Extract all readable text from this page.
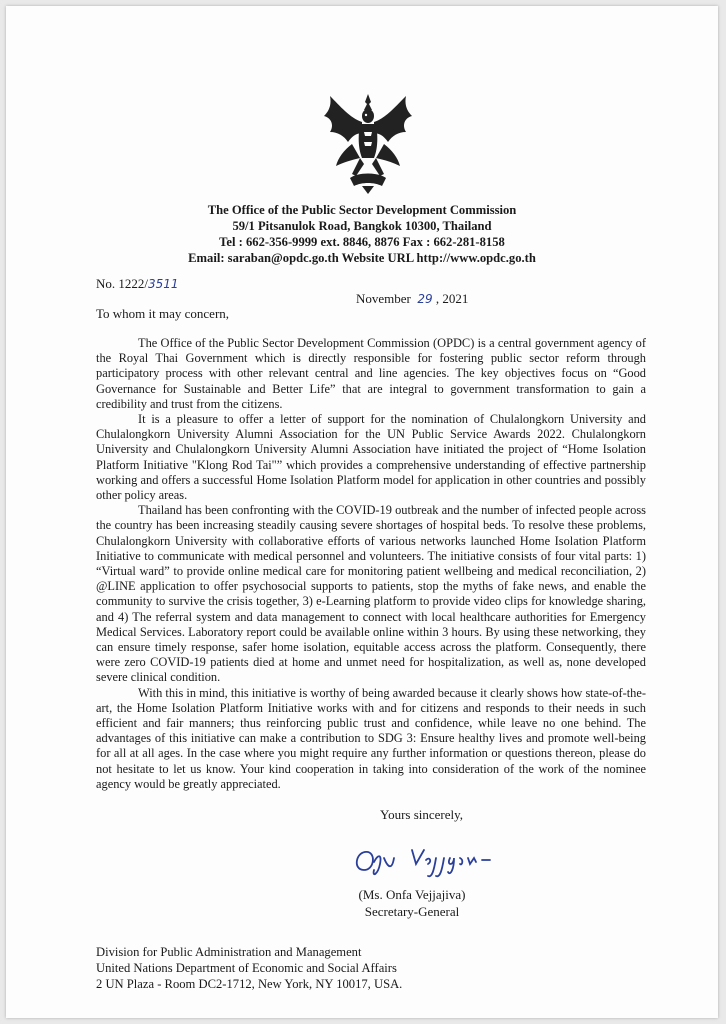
The Office of the Public Sector Development Commission
59/1 Pitsanulok Road, Bangkok 10300, Thailand
Tel : 662-356-9999 ext. 8846, 8876 Fax : 662-281-8158
Email: saraban@opdc.go.th Website URL http://www.opdc.go.th
No. 1222/3511
November 29 , 2021
To whom it may concern,

The Office of the Public Sector Development Commission (OPDC) is a central government agency of the Royal Thai Government which is directly responsible for fostering public sector reform through participatory process with other relevant central and line agencies. The key objectives focus on “Good Governance for Sustainable and Better Life” that are integral to government transformation to gain a credibility and trust from the citizens.

It is a pleasure to offer a letter of support for the nomination of Chulalongkorn University and Chulalongkorn University Alumni Association for the UN Public Service Awards 2022. Chulalongkorn University and Chulalongkorn University Alumni Association have initiated the project of “Home Isolation Platform Initiative "Klong Rod Tai"” which provides a comprehensive understanding of effective partnership working and offers a successful Home Isolation Platform model for application in other countries and possibly other policy areas.

Thailand has been confronting with the COVID-19 outbreak and the number of infected people across the country has been increasing steadily causing severe shortages of hospital beds. To resolve these problems, Chulalongkorn University with collaborative efforts of various networks launched Home Isolation Platform Initiative to communicate with medical personnel and volunteers. The initiative consists of four vital parts: 1) “Virtual ward” to provide online medical care for monitoring patient wellbeing and medical reconciliation, 2) @LINE application to offer psychosocial supports to patients, stop the myths of fake news, and enable the community to survive the crisis together, 3) e-Learning platform to provide video clips for knowledge sharing, and 4) The referral system and data management to connect with local healthcare authorities for Emergency Medical Services. Laboratory report could be available online within 3 hours. By using these networking, they can ensure timely response, safer home isolation, equitable access across the platform. Consequently, there were zero COVID-19 patients died at home and unmet need for hospitalization, as well as, none developed severe clinical condition.

With this in mind, this initiative is worthy of being awarded because it clearly shows how state-of-the-art, the Home Isolation Platform Initiative works with and for citizens and responds to their needs in such efficient and fair manners; thus reinforcing public trust and confidence, while leave no one behind. The advantages of this initiative can make a contribution to SDG 3: Ensure healthy lives and promote well-being for all at all ages. In the case where you might require any further information or questions thereon, please do not hesitate to let us know. Your kind cooperation in taking into consideration of the work of the nominee agency would be greatly appreciated.

Yours sincerely,
(Ms. Onfa Vejjajiva)
Secretary-General
Division for Public Administration and Management
United Nations Department of Economic and Social Affairs
2 UN Plaza - Room DC2-1712, New York, NY 10017, USA.
